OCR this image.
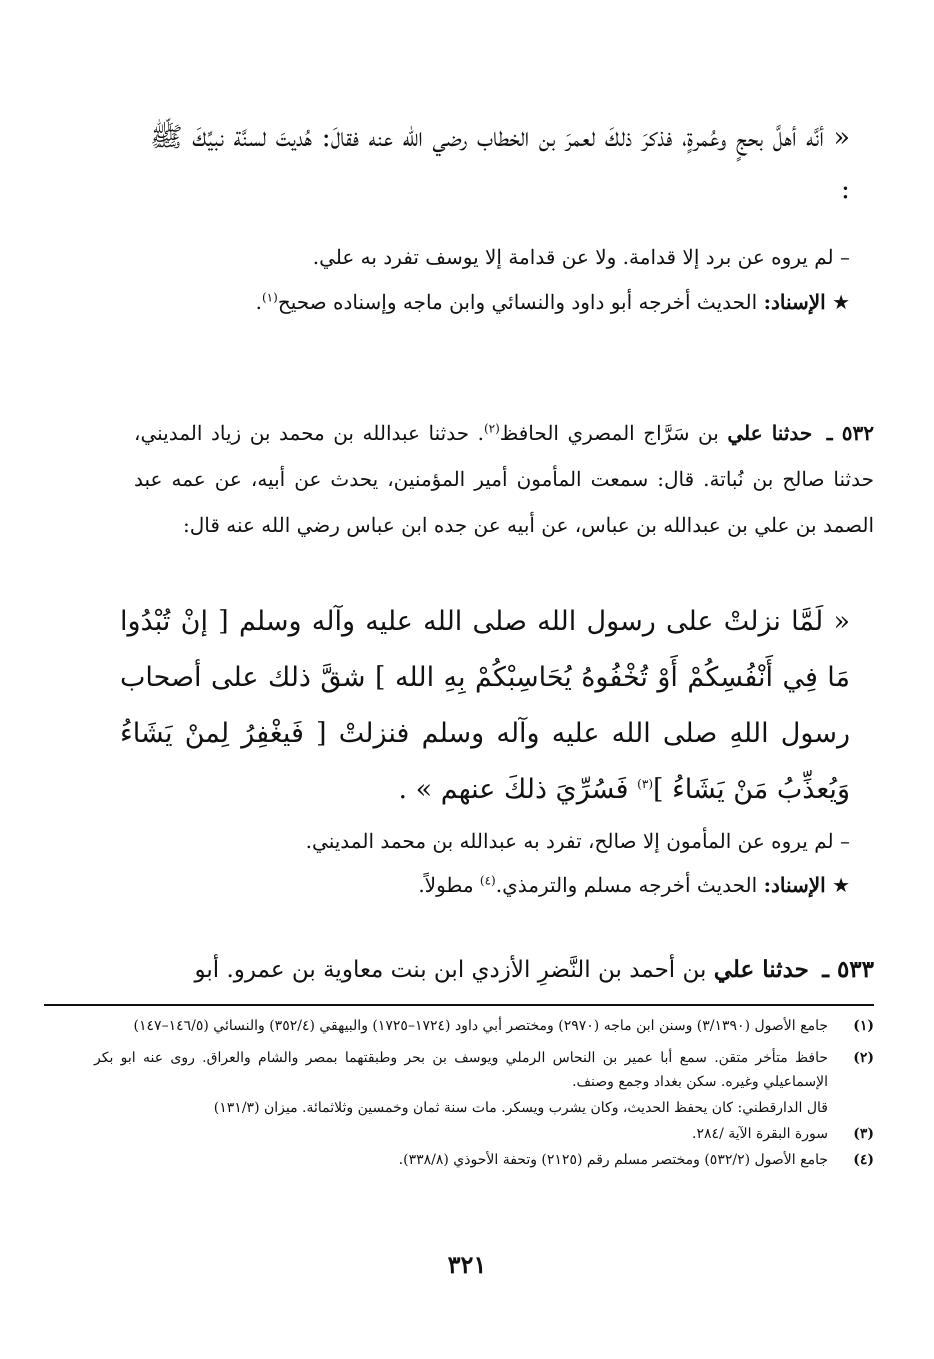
« أنَّه أهلَّ بحجٍ وعُمرةٍ، فذكرَ ذلكَ لعمرَ بن الخطاب رضي الله عنه فقالَ: هُديتَ لسنَّة نبيِّكَ ﷺ :

– لم يروه عن برد إلا قدامة. ولا عن قدامة إلا يوسف تفرد به علي.

★ الإسناد: الحديث أخرجه أبو داود والنسائي وابن ماجه وإسناده صحيح$^{(١)}$.

٥٣٢ ـ حدثنا علي بن سَرَّاج المصري الحافظ$^{(٢)}$. حدثنا عبدالله بن محمد بن زياد المديني، حدثنا صالح بن نُباتة. قال: سمعت المأمون أمير المؤمنين، يحدث عن أبيه، عن عمه عبد الصمد بن علي بن عبدالله بن عباس، عن أبيه عن جده ابن عباس رضي الله عنه قال:

« لَمَّا نزلتْ على رسول الله صلى الله عليه وآله وسلم [ إنْ تُبْدُوا مَا فِي أَنْفُسِكُمْ أَوْ تُخْفُوهُ يُحَاسِبْكُمْ بِهِ الله ] شقَّ ذلك على أصحاب رسول اللهِ صلى الله عليه وآله وسلم فنزلتْ [ فَيغْفِرُ لِمنْ يَشَاءُ وَيُعذِّبُ مَنْ يَشَاءُ ]$^{(٣)}$ فَسُرِّيَ ذلكَ عنهم » .

– لم يروه عن المأمون إلا صالح، تفرد به عبدالله بن محمد المديني.

★ الإسناد: الحديث أخرجه مسلم والترمذي.$^{(٤)}$ مطولاً.

٥٣٣ ـ حدثنا علي بن أحمد بن النَّضرِ الأزدي ابن بنت معاوية بن عمرو. أبو

(١)
جامع الأصول (٣/١٣٩٠) وسنن ابن ماجه (٢٩٧٠) ومختصر أبي داود (١٧٢٤–١٧٢٥) والبيهقي (٣٥٢/٤) والنسائي (١٤٦/٥–١٤٧)
(٢)
حافظ متأخر متقن. سمع أبا عمير بن النحاس الرملي ويوسف بن بحر وطبقتهما بمصر والشام والعراق. روى عنه ابو بكر الإسماعيلي وغيره. سكن بغداد وجمع وصنف.
قال الدارقطني: كان يحفظ الحديث، وكان يشرب ويسكر. مات سنة ثمان وخمسين وثلاثمائة. ميزان (١٣١/٣)
(٣)
سورة البقرة الآية /٢٨٤.
(٤)
جامع الأصول (٥٣٢/٢) ومختصر مسلم رقم (٢١٢٥) وتحفة الأحوذي (٣٣٨/٨).
٣٢١
